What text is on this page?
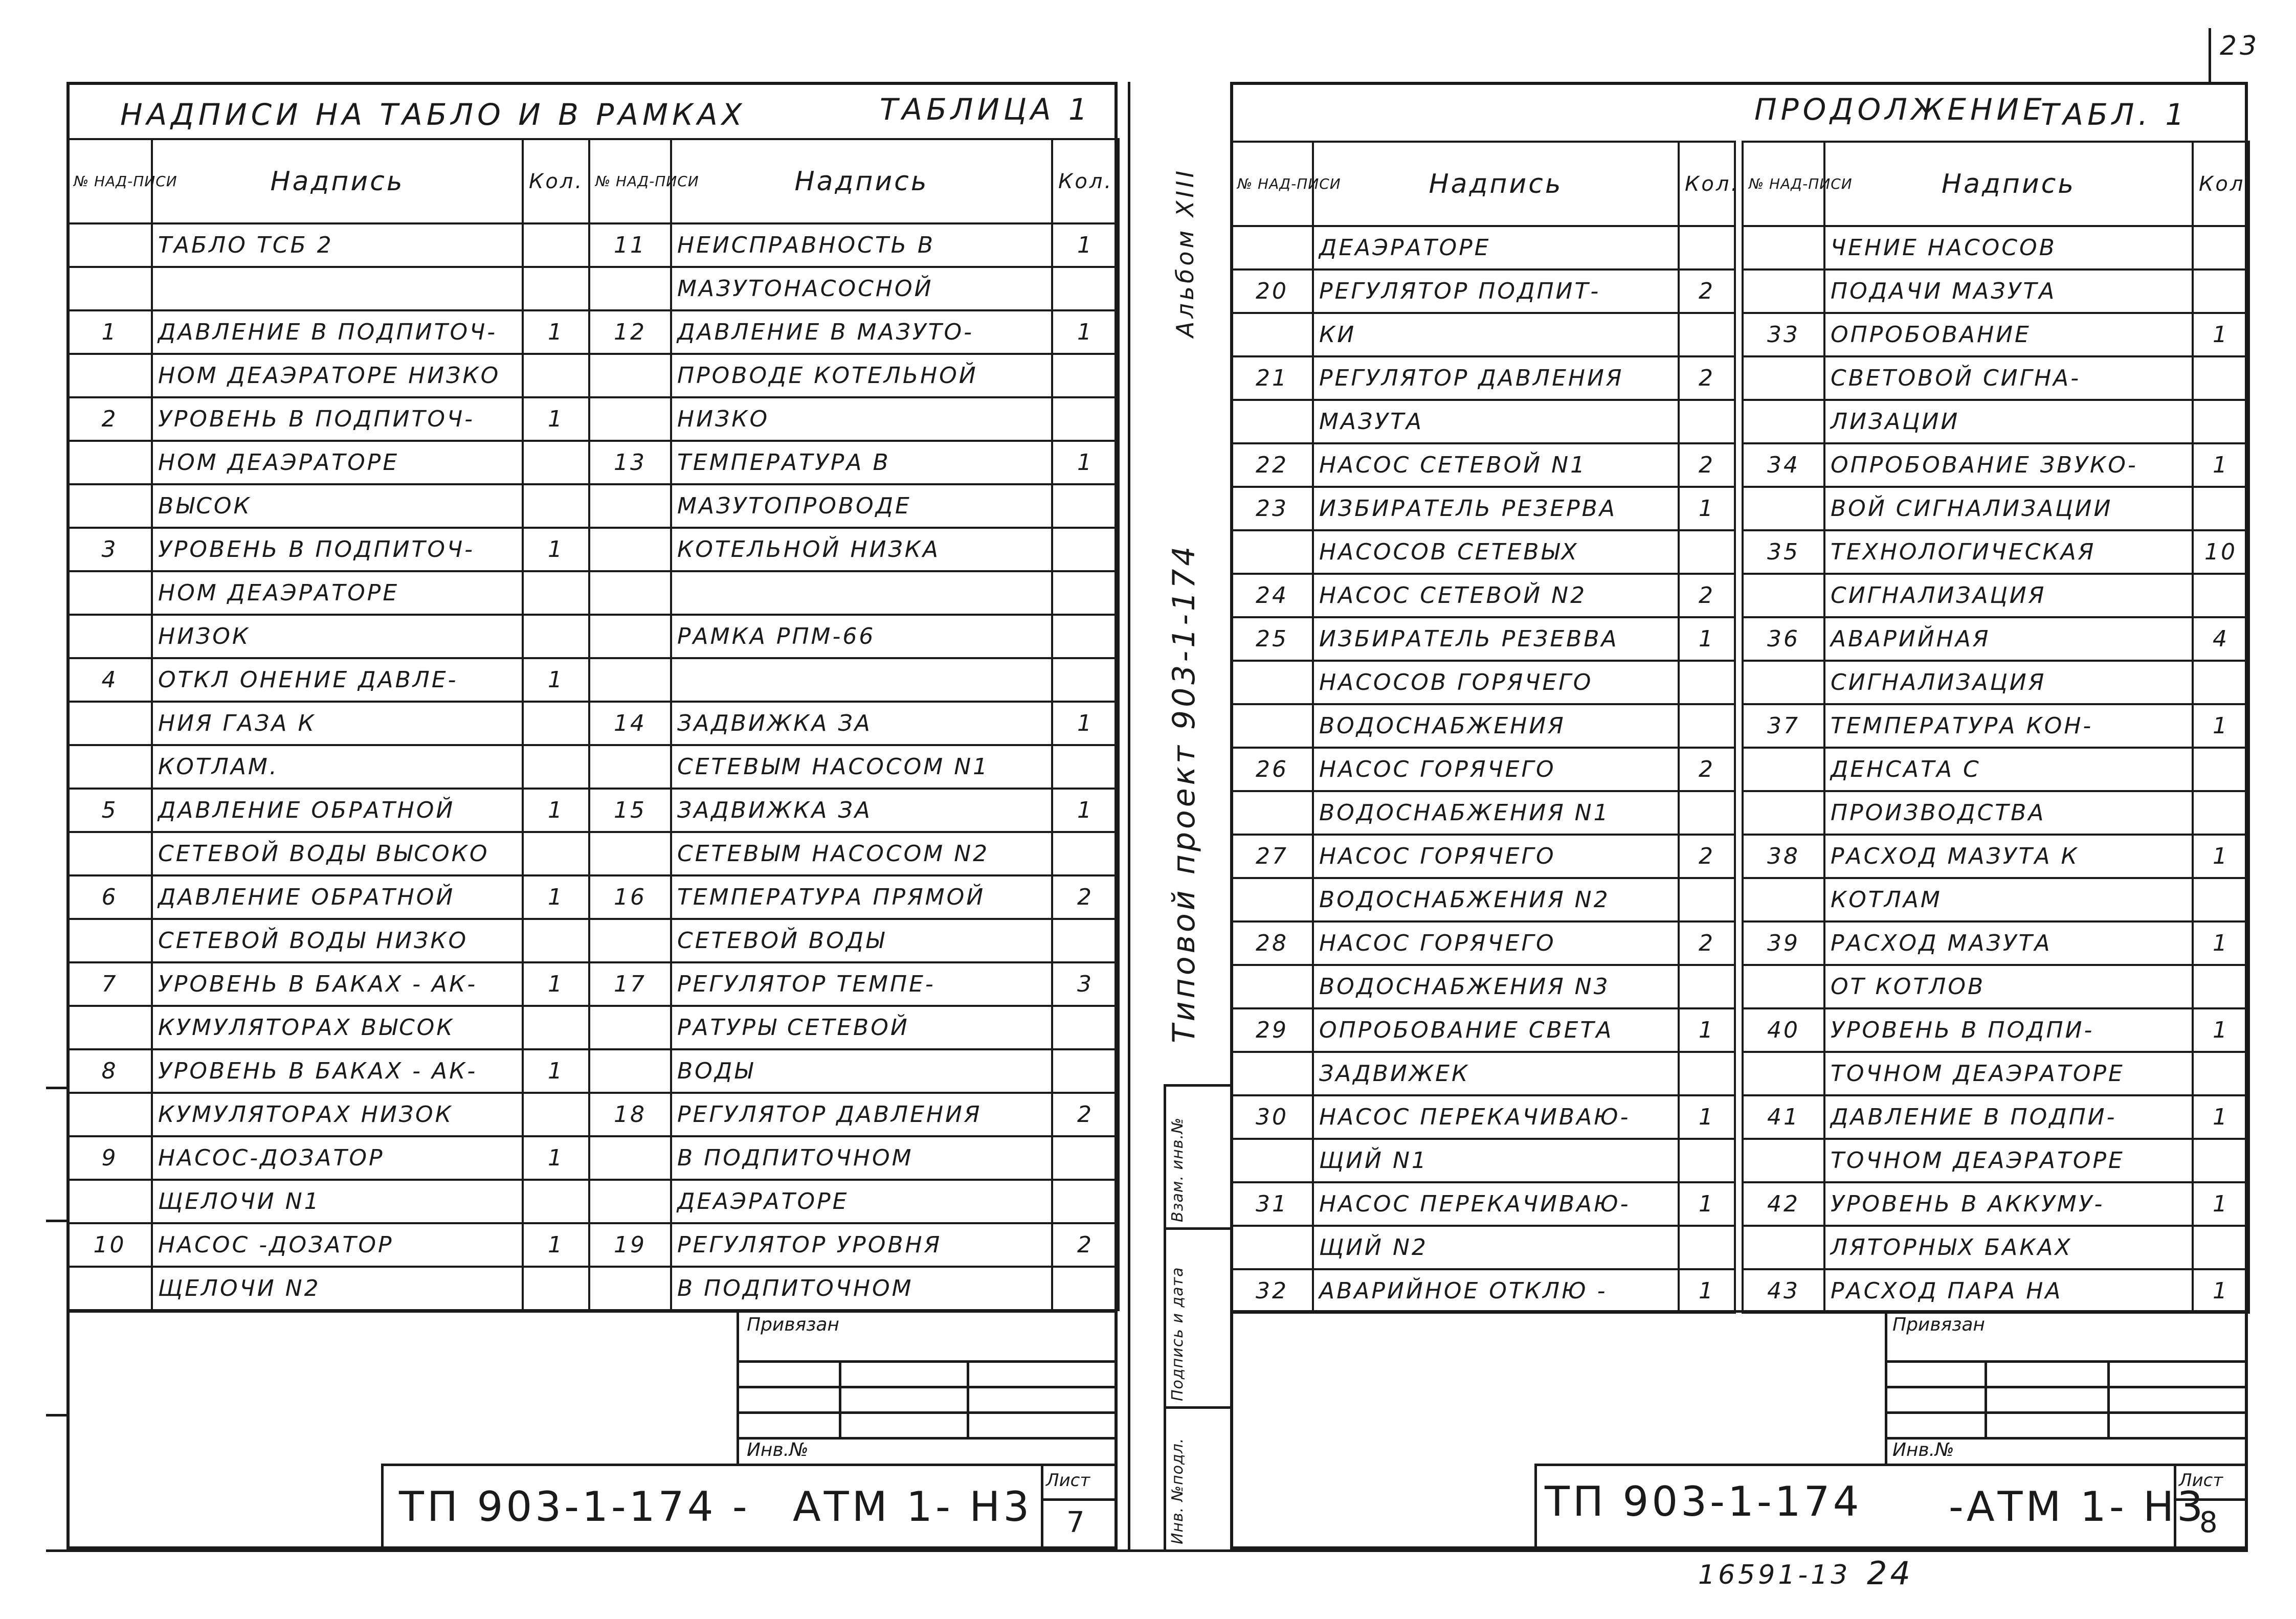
23
НАДПИСИ НА ТАБЛО И В РАМКАХ	ТАБЛИЦА 1
№ НАД-ПИСИ	Надпись	Кол.
	ТАБЛО ТСБ 2	

1	ДАВЛЕНИЕ В ПОДПИТОЧ-	1
	НОМ ДЕАЭРАТОРЕ НИЗКО	
2	УРОВЕНЬ В ПОДПИТОЧ-	1
	НОМ ДЕАЭРАТОРЕ	
	ВЫСОК	
3	УРОВЕНЬ В ПОДПИТОЧ-	1
	НОМ ДЕАЭРАТОРЕ	
	НИЗОК	
4	ОТКЛ ОНЕНИЕ ДАВЛЕ-	1
	НИЯ ГАЗА К	
	КОТЛАМ.	
5	ДАВЛЕНИЕ ОБРАТНОЙ	1
	СЕТЕВОЙ ВОДЫ ВЫСОКО	
6	ДАВЛЕНИЕ ОБРАТНОЙ	1
	СЕТЕВОЙ ВОДЫ НИЗКО	
7	УРОВЕНЬ В БАКАХ - АК-	1
	КУМУЛЯТОРАХ ВЫСОК	
8	УРОВЕНЬ В БАКАХ - АК-	1
	КУМУЛЯТОРАХ НИЗОК	
9	НАСОС-ДОЗАТОР	1
	ЩЕЛОЧИ N1	
10	НАСОС -ДОЗАТОР	1
	ЩЕЛОЧИ N2	
№ НАД-ПИСИ	Надпись	Кол.
11	НЕИСПРАВНОСТЬ В	1
	МАЗУТОНАСОСНОЙ	
12	ДАВЛЕНИЕ В МАЗУТО-	1
	ПРОВОДЕ КОТЕЛЬНОЙ	
	НИЗКО	
13	ТЕМПЕРАТУРА В	1
	МАЗУТОПРОВОДЕ	
	КОТЕЛЬНОЙ НИЗКА	

	РАМКА РПМ-66	

14	ЗАДВИЖКА ЗА	1
	СЕТЕВЫМ НАСОСОМ N1	
15	ЗАДВИЖКА ЗА	1
	СЕТЕВЫМ НАСОСОМ N2	
16	ТЕМПЕРАТУРА ПРЯМОЙ	2
	СЕТЕВОЙ ВОДЫ	
17	РЕГУЛЯТОР ТЕМПЕ-	3
	РАТУРЫ СЕТЕВОЙ	
	ВОДЫ	
18	РЕГУЛЯТОР ДАВЛЕНИЯ	2
	В ПОДПИТОЧНОМ	
	ДЕАЭРАТОРЕ	
19	РЕГУЛЯТОР УРОВНЯ	2
	В ПОДПИТОЧНОМ	
Привязан
Инв.№
ТП 903-1-174 - АТМ 1- Н3
Лист
7
Альбом XIII
Типовой проект 903-1-174
Взам. инв.№
Подпись и дата
Инв. №подл.
ПРОДОЛЖЕНИЕ
ТАБЛ. 1
№ НАД-ПИСИ	Надпись	Кол.
	ДЕАЭРАТОРЕ	
20	РЕГУЛЯТОР ПОДПИТ-	2
	КИ	
21	РЕГУЛЯТОР ДАВЛЕНИЯ	2
	МАЗУТА	
22	НАСОС СЕТЕВОЙ N1	2
23	ИЗБИРАТЕЛЬ РЕЗЕРВА	1
	НАСОСОВ СЕТЕВЫХ	
24	НАСОС СЕТЕВОЙ N2	2
25	ИЗБИРАТЕЛЬ РЕЗЕВВА	1
	НАСОСОВ ГОРЯЧЕГО	
	ВОДОСНАБЖЕНИЯ	
26	НАСОС ГОРЯЧЕГО	2
	ВОДОСНАБЖЕНИЯ N1	
27	НАСОС ГОРЯЧЕГО	2
	ВОДОСНАБЖЕНИЯ N2	
28	НАСОС ГОРЯЧЕГО	2
	ВОДОСНАБЖЕНИЯ N3	
29	ОПРОБОВАНИЕ СВЕТА	1
	ЗАДВИЖЕК	
30	НАСОС ПЕРЕКАЧИВАЮ-	1
	ЩИЙ N1	
31	НАСОС ПЕРЕКАЧИВАЮ-	1
	ЩИЙ N2	
32	АВАРИЙНОЕ ОТКЛЮ -	1
№ НАД-ПИСИ	Надпись	Кол.
	ЧЕНИЕ НАСОСОВ	
	ПОДАЧИ МАЗУТА	
33	ОПРОБОВАНИЕ	1
	СВЕТОВОЙ СИГНА-	
	ЛИЗАЦИИ	
34	ОПРОБОВАНИЕ ЗВУКО-	1
	ВОЙ СИГНАЛИЗАЦИИ	
35	ТЕХНОЛОГИЧЕСКАЯ	10
	СИГНАЛИЗАЦИЯ	
36	АВАРИЙНАЯ	4
	СИГНАЛИЗАЦИЯ	
37	ТЕМПЕРАТУРА КОН-	1
	ДЕНСАТА С	
	ПРОИЗВОДСТВА	
38	РАСХОД МАЗУТА К	1
	КОТЛАМ	
39	РАСХОД МАЗУТА	1
	ОТ КОТЛОВ	
40	УРОВЕНЬ В ПОДПИ-	1
	ТОЧНОМ ДЕАЭРАТОРЕ	
41	ДАВЛЕНИЕ В ПОДПИ-	1
	ТОЧНОМ ДЕАЭРАТОРЕ	
42	УРОВЕНЬ В АККУМУ-	1
	ЛЯТОРНЫХ БАКАХ	
43	РАСХОД ПАРА НА	1
Привязан
Инв.№
ТП 903-1-174 -АТМ 1- Н3
Лист
8
16591-13 24
